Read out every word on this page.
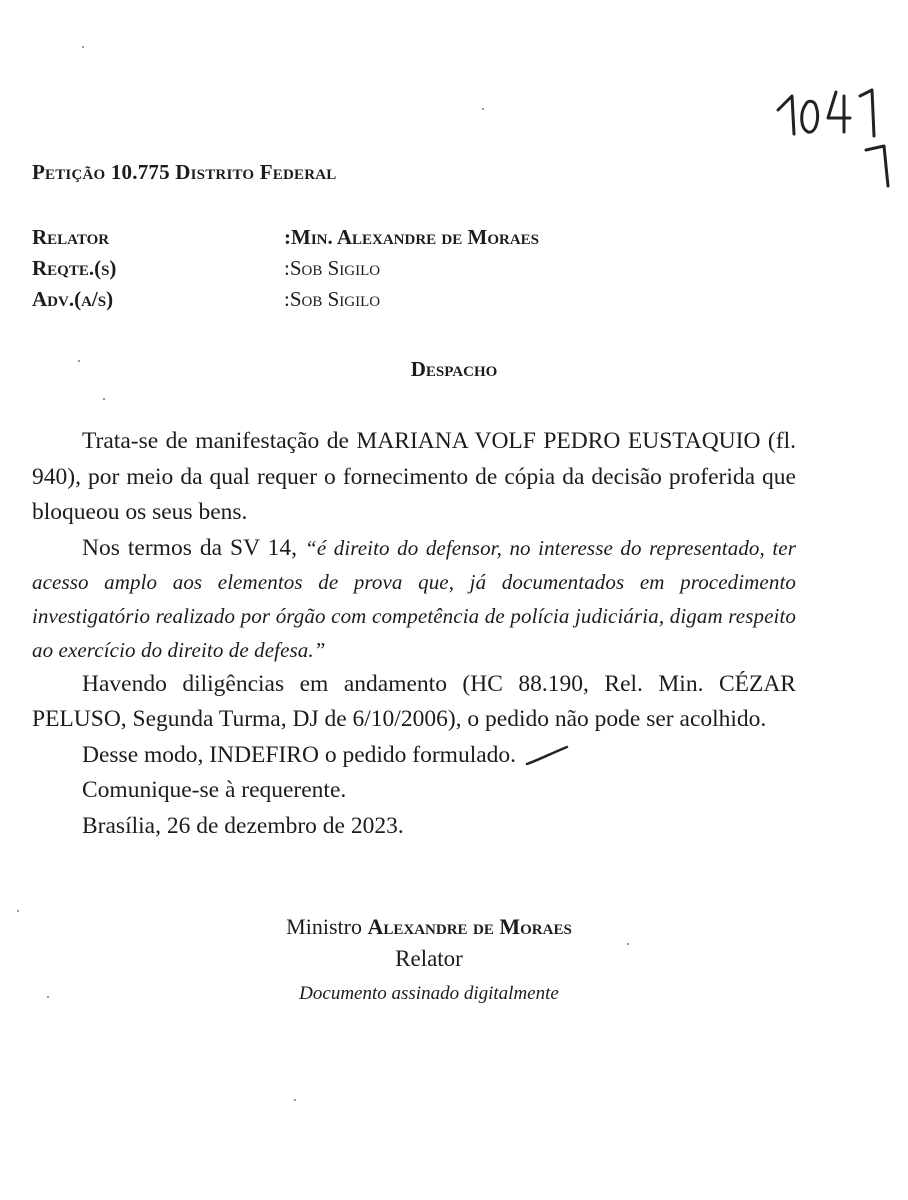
Petição 10.775 Distrito Federal
Relator	:Min. Alexandre de Moraes
Reqte.(s)	:Sob Sigilo
Adv.(a/s)	:Sob Sigilo
Despacho

Trata-se de manifestação de MARIANA VOLF PEDRO EUSTAQUIO (fl. 940), por meio da qual requer o fornecimento de cópia da decisão proferida que bloqueou os seus bens.

Nos termos da SV 14, “é direito do defensor, no interesse do representado, ter acesso amplo aos elementos de prova que, já documentados em procedimento investigatório realizado por órgão com competência de polícia judiciária, digam respeito ao exercício do direito de defesa.”

Havendo diligências em andamento (HC 88.190, Rel. Min. CÉZAR PELUSO, Segunda Turma, DJ de 6/10/2006), o pedido não pode ser acolhido.

Desse modo, INDEFIRO o pedido formulado.

Comunique-se à requerente.

Brasília, 26 de dezembro de 2023.

Ministro Alexandre de Moraes
Relator
Documento assinado digitalmente
